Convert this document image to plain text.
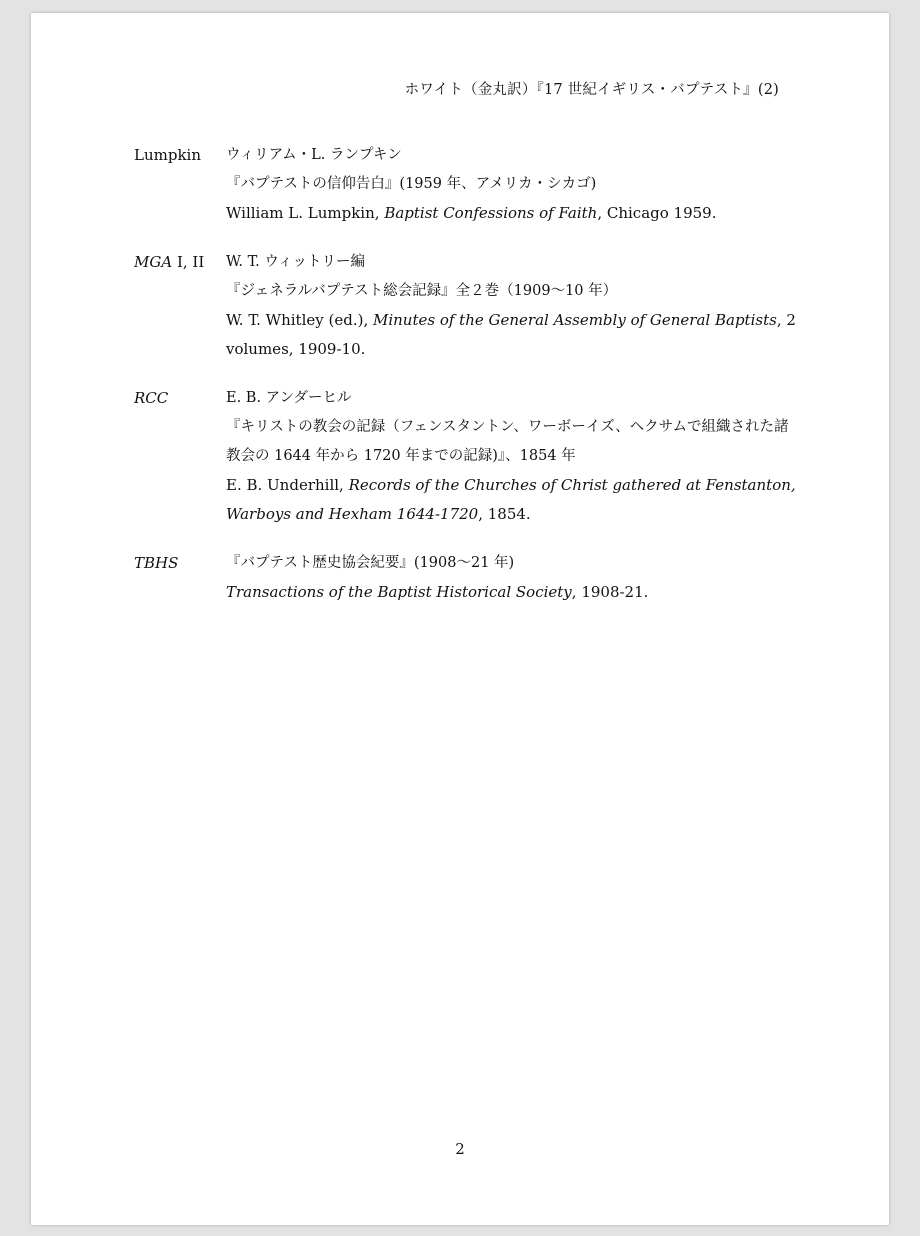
ホワイト（金丸訳）『17 世紀イギリス・バプテスト』(2)
Lumpkin	ウィリアム・L. ランプキン
『バプテストの信仰告白』(1959 年、アメリカ・シカゴ)
William L. Lumpkin, Baptist Confessions of Faith, Chicago 1959.
MGA I, II	W. T. ウィットリー編
『ジェネラルバプテスト総会記録』全２巻（1909〜10 年）
W. T. Whitley (ed.), Minutes of the General Assembly of General Baptists, 2
volumes, 1909-10.
RCC	E. B. アンダーヒル
『キリストの教会の記録（フェンスタントン、ワーボーイズ、ヘクサムで組織された諸
教会の 1644 年から 1720 年までの記録)』、1854 年
E. B. Underhill, Records of the Churches of Christ gathered at Fenstanton,
Warboys and Hexham 1644-1720, 1854.
TBHS	『バプテスト歴史協会紀要』(1908〜21 年)
Transactions of the Baptist Historical Society, 1908-21.
2
